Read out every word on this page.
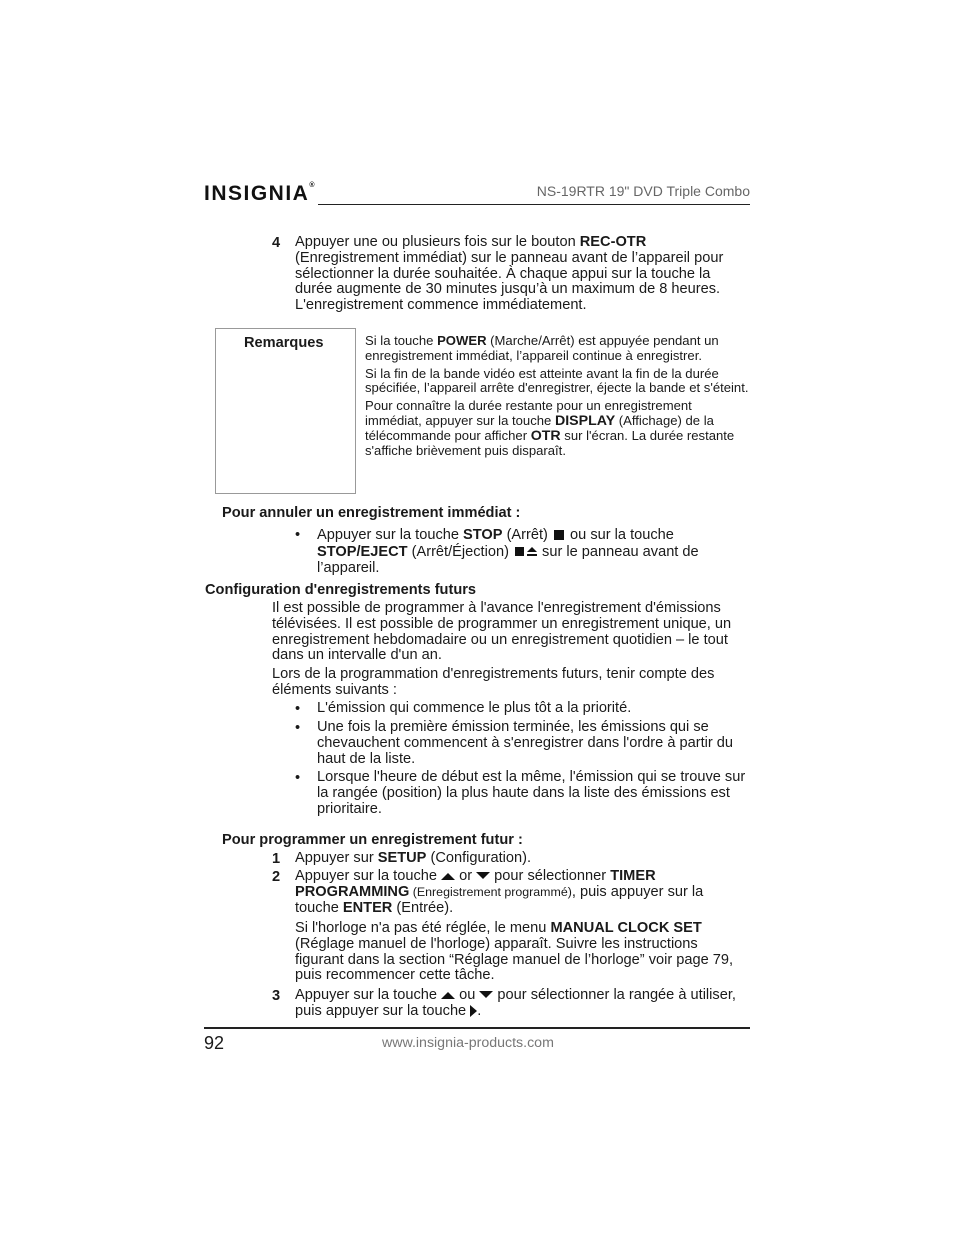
INSIGNIA®	NS-19RTR 19" DVD Triple Combo
4 Appuyer une ou plusieurs fois sur le bouton REC-OTR
(Enregistrement immédiat) sur le panneau avant de l’appareil pour sélectionner la durée souhaitée. À chaque appui sur la touche la durée augmente de 30 minutes jusqu’à un maximum de 8 heures. L'enregistrement commence immédiatement.
Remarques	Si la touche POWER (Marche/Arrêt) est appuyée pendant un enregistrement immédiat, l’appareil continue à enregistrer.

Si la fin de la bande vidéo est atteinte avant la fin de la durée spécifiée, l’appareil arrête d'enregistrer, éjecte la bande et s'éteint.

Pour connaître la durée restante pour un enregistrement immédiat, appuyer sur la touche DISPLAY (Affichage) de la télécommande pour afficher OTR sur l'écran. La durée restante s'affiche brièvement puis disparaît.

Pour annuler un enregistrement immédiat :
• Appuyer sur la touche STOP (Arrêt)  ou sur la touche
STOP/EJECT (Arrêt/Éjection)  sur le panneau avant de l’appareil.
Configuration d'enregistrements futurs
Il est possible de programmer à l'avance l'enregistrement d'émissions télévisées. Il est possible de programmer un enregistrement unique, un enregistrement hebdomadaire ou un enregistrement quotidien – le tout dans un intervalle d'un an.
Lors de la programmation d'enregistrements futurs, tenir compte des éléments suivants :
• L'émission qui commence le plus tôt a la priorité.
• Une fois la première émission terminée, les émissions qui se chevauchent commencent à s'enregistrer dans l'ordre à partir du haut de la liste.
• Lorsque l'heure de début est la même, l'émission qui se trouve sur la rangée (position) la plus haute dans la liste des émissions est prioritaire.
Pour programmer un enregistrement futur :
1 Appuyer sur SETUP (Configuration).
2 Appuyer sur la touche  or  pour sélectionner TIMER
PROGRAMMING (Enregistrement programmé), puis appuyer sur la touche ENTER (Entrée).
Si l'horloge n'a pas été réglée, le menu MANUAL CLOCK SET (Réglage manuel de l'horloge) apparaît. Suivre les instructions figurant dans la section “Réglage manuel de l’horloge” voir page 79, puis recommencer cette tâche.
3 Appuyer sur la touche  ou  pour sélectionner la rangée à utiliser, puis appuyer sur la touche .
92	www.insignia-products.com
